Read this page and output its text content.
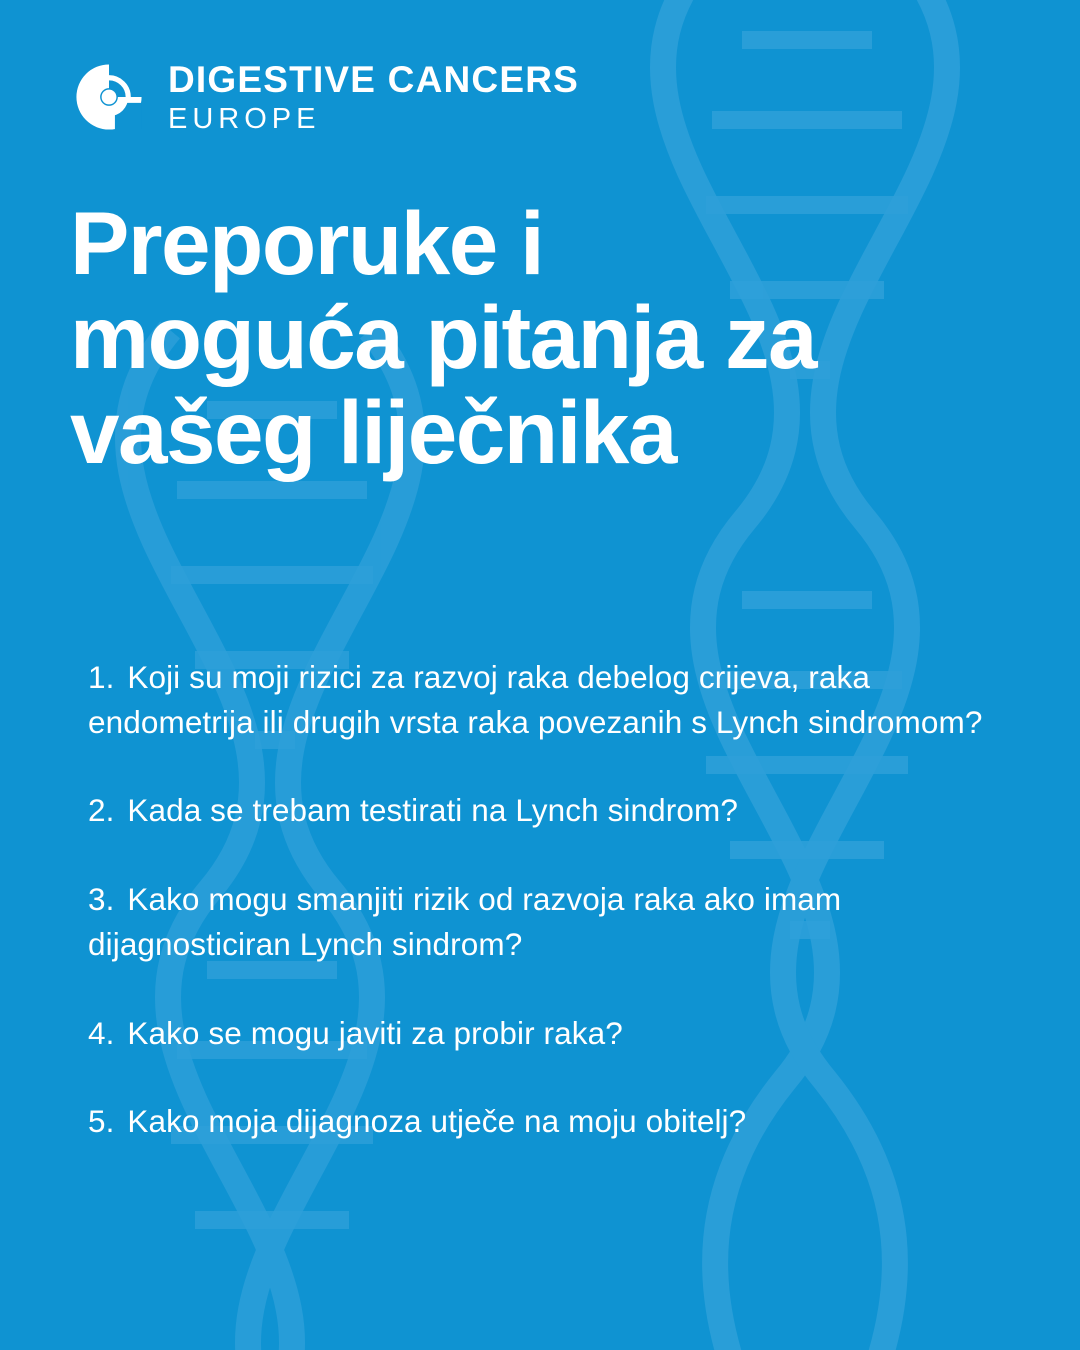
DIGESTIVE CANCERS
EUROPE
Preporuke i
moguća pitanja za
vašeg liječnika
1. Koji su moji rizici za razvoj raka debelog crijeva, raka endometrija ili drugih vrsta raka povezanih s Lynch sindromom?
2. Kada se trebam testirati na Lynch sindrom?
3. Kako mogu smanjiti rizik od razvoja raka ako imam dijagnosticiran Lynch sindrom?
4. Kako se mogu javiti za probir raka?
5. Kako moja dijagnoza utječe na moju obitelj?
